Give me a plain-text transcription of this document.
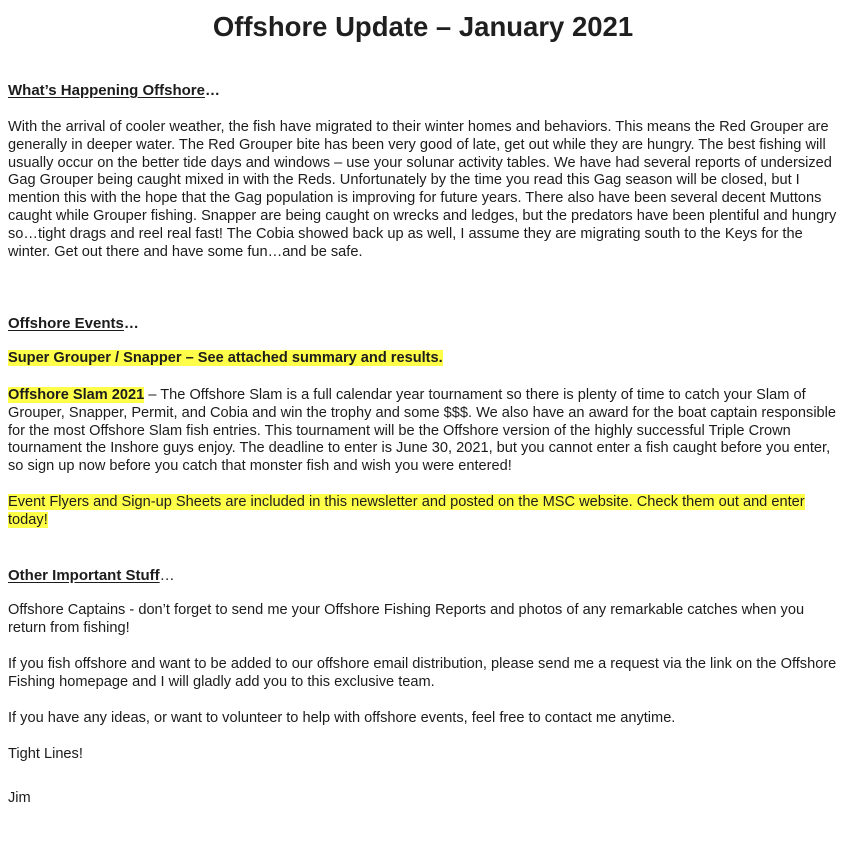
Offshore Update – January 2021
What’s Happening Offshore…

With the arrival of cooler weather, the fish have migrated to their winter homes and behaviors. This means the Red Grouper are generally in deeper water. The Red Grouper bite has been very good of late, get out while they are hungry. The best fishing will usually occur on the better tide days and windows – use your solunar activity tables. We have had several reports of undersized Gag Grouper being caught mixed in with the Reds. Unfortunately by the time you read this Gag season will be closed, but I mention this with the hope that the Gag population is improving for future years. There also have been several decent Muttons caught while Grouper fishing. Snapper are being caught on wrecks and ledges, but the predators have been plentiful and hungry so…tight drags and reel real fast! The Cobia showed back up as well, I assume they are migrating south to the Keys for the winter. Get out there and have some fun…and be safe.

Offshore Events…

Super Grouper / Snapper – See attached summary and results.

Offshore Slam 2021 – The Offshore Slam is a full calendar year tournament so there is plenty of time to catch your Slam of Grouper, Snapper, Permit, and Cobia and win the trophy and some $$$. We also have an award for the boat captain responsible for the most Offshore Slam fish entries. This tournament will be the Offshore version of the highly successful Triple Crown tournament the Inshore guys enjoy. The deadline to enter is June 30, 2021, but you cannot enter a fish caught before you enter, so sign up now before you catch that monster fish and wish you were entered!

Event Flyers and Sign-up Sheets are included in this newsletter and posted on the MSC website. Check them out and enter today!

Other Important Stuff…

Offshore Captains - don’t forget to send me your Offshore Fishing Reports and photos of any remarkable catches when you return from fishing!

If you fish offshore and want to be added to our offshore email distribution, please send me a request via the link on the Offshore Fishing homepage and I will gladly add you to this exclusive team.

If you have any ideas, or want to volunteer to help with offshore events, feel free to contact me anytime.

Tight Lines!

Jim
